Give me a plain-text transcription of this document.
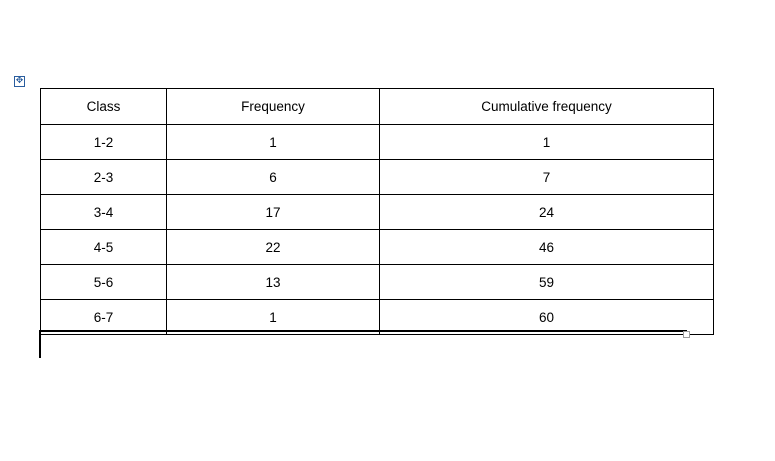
✥
Class	Frequency	Cumulative frequency
1-2	1	1
2-3	6	7
3-4	17	24
4-5	22	46
5-6	13	59
6-7	1	60
